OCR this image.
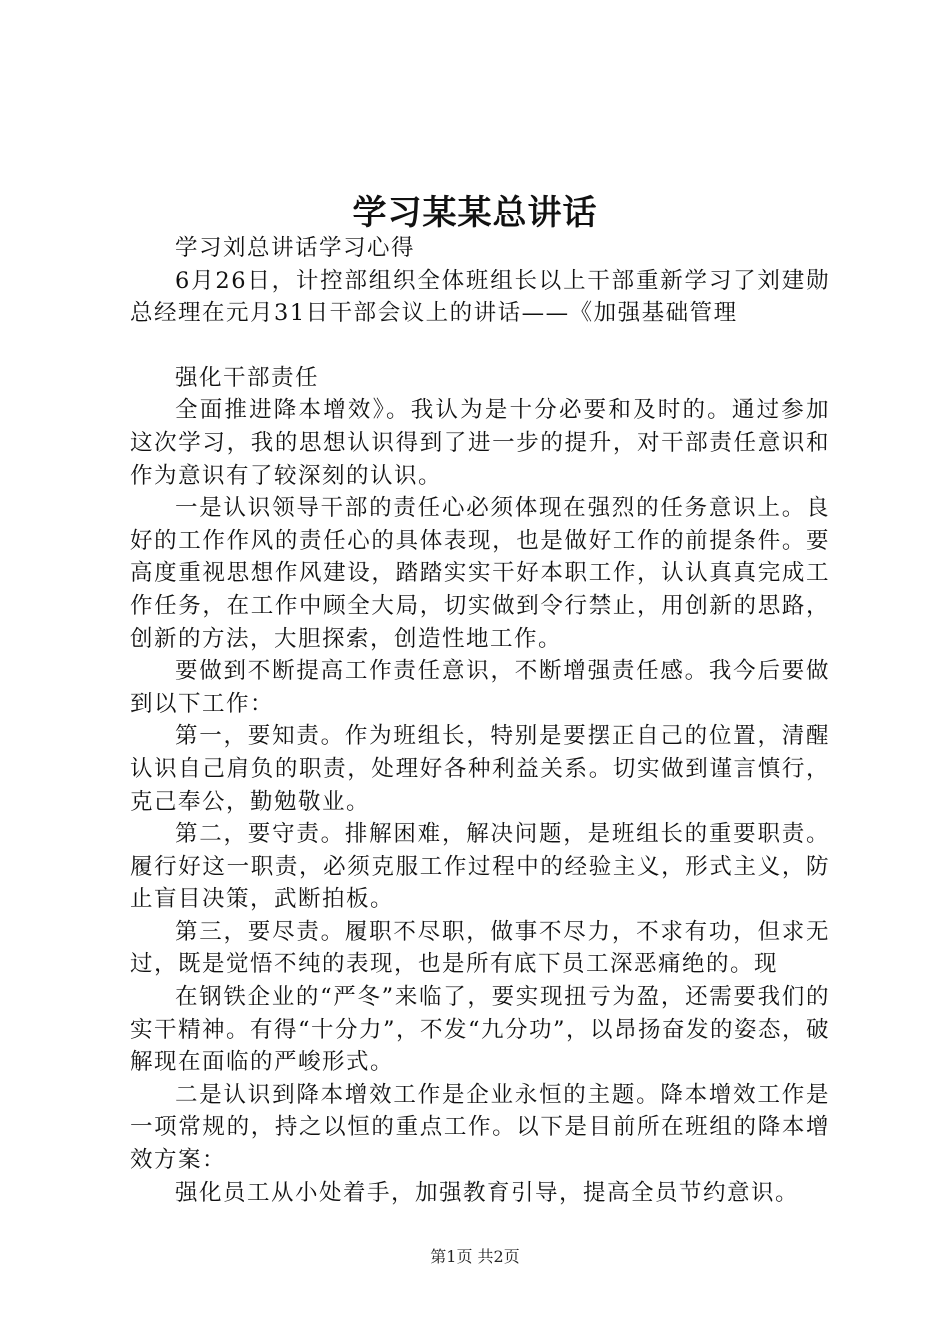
学习某某总讲话

学习刘总讲话学习心得

6月26日，计控部组织全体班组长以上干部重新学习了刘建勋总经理在元月31日干部会议上的讲话——《加强基础管理

强化干部责任

全面推进降本增效》。我认为是十分必要和及时的。通过参加这次学习，我的思想认识得到了进一步的提升，对干部责任意识和作为意识有了较深刻的认识。

一是认识领导干部的责任心必须体现在强烈的任务意识上。良好的工作作风的责任心的具体表现，也是做好工作的前提条件。要高度重视思想作风建设，踏踏实实干好本职工作，认认真真完成工作任务，在工作中顾全大局，切实做到令行禁止，用创新的思路，创新的方法，大胆探索，创造性地工作。

要做到不断提高工作责任意识，不断增强责任感。我今后要做到以下工作：

第一，要知责。作为班组长，特别是要摆正自己的位置，清醒认识自己肩负的职责，处理好各种利益关系。切实做到谨言慎行，克己奉公，勤勉敬业。

第二，要守责。排解困难，解决问题，是班组长的重要职责。履行好这一职责，必须克服工作过程中的经验主义，形式主义，防止盲目决策，武断拍板。

第三，要尽责。履职不尽职，做事不尽力，不求有功，但求无过，既是觉悟不纯的表现，也是所有底下员工深恶痛绝的。现

在钢铁企业的“严冬”来临了，要实现扭亏为盈，还需要我们的实干精神。有得“十分力”，不发“九分功”，以昂扬奋发的姿态，破解现在面临的严峻形式。

二是认识到降本增效工作是企业永恒的主题。降本增效工作是一项常规的，持之以恒的重点工作。以下是目前所在班组的降本增效方案：

强化员工从小处着手，加强教育引导，提高全员节约意识。

第1页 共2页
